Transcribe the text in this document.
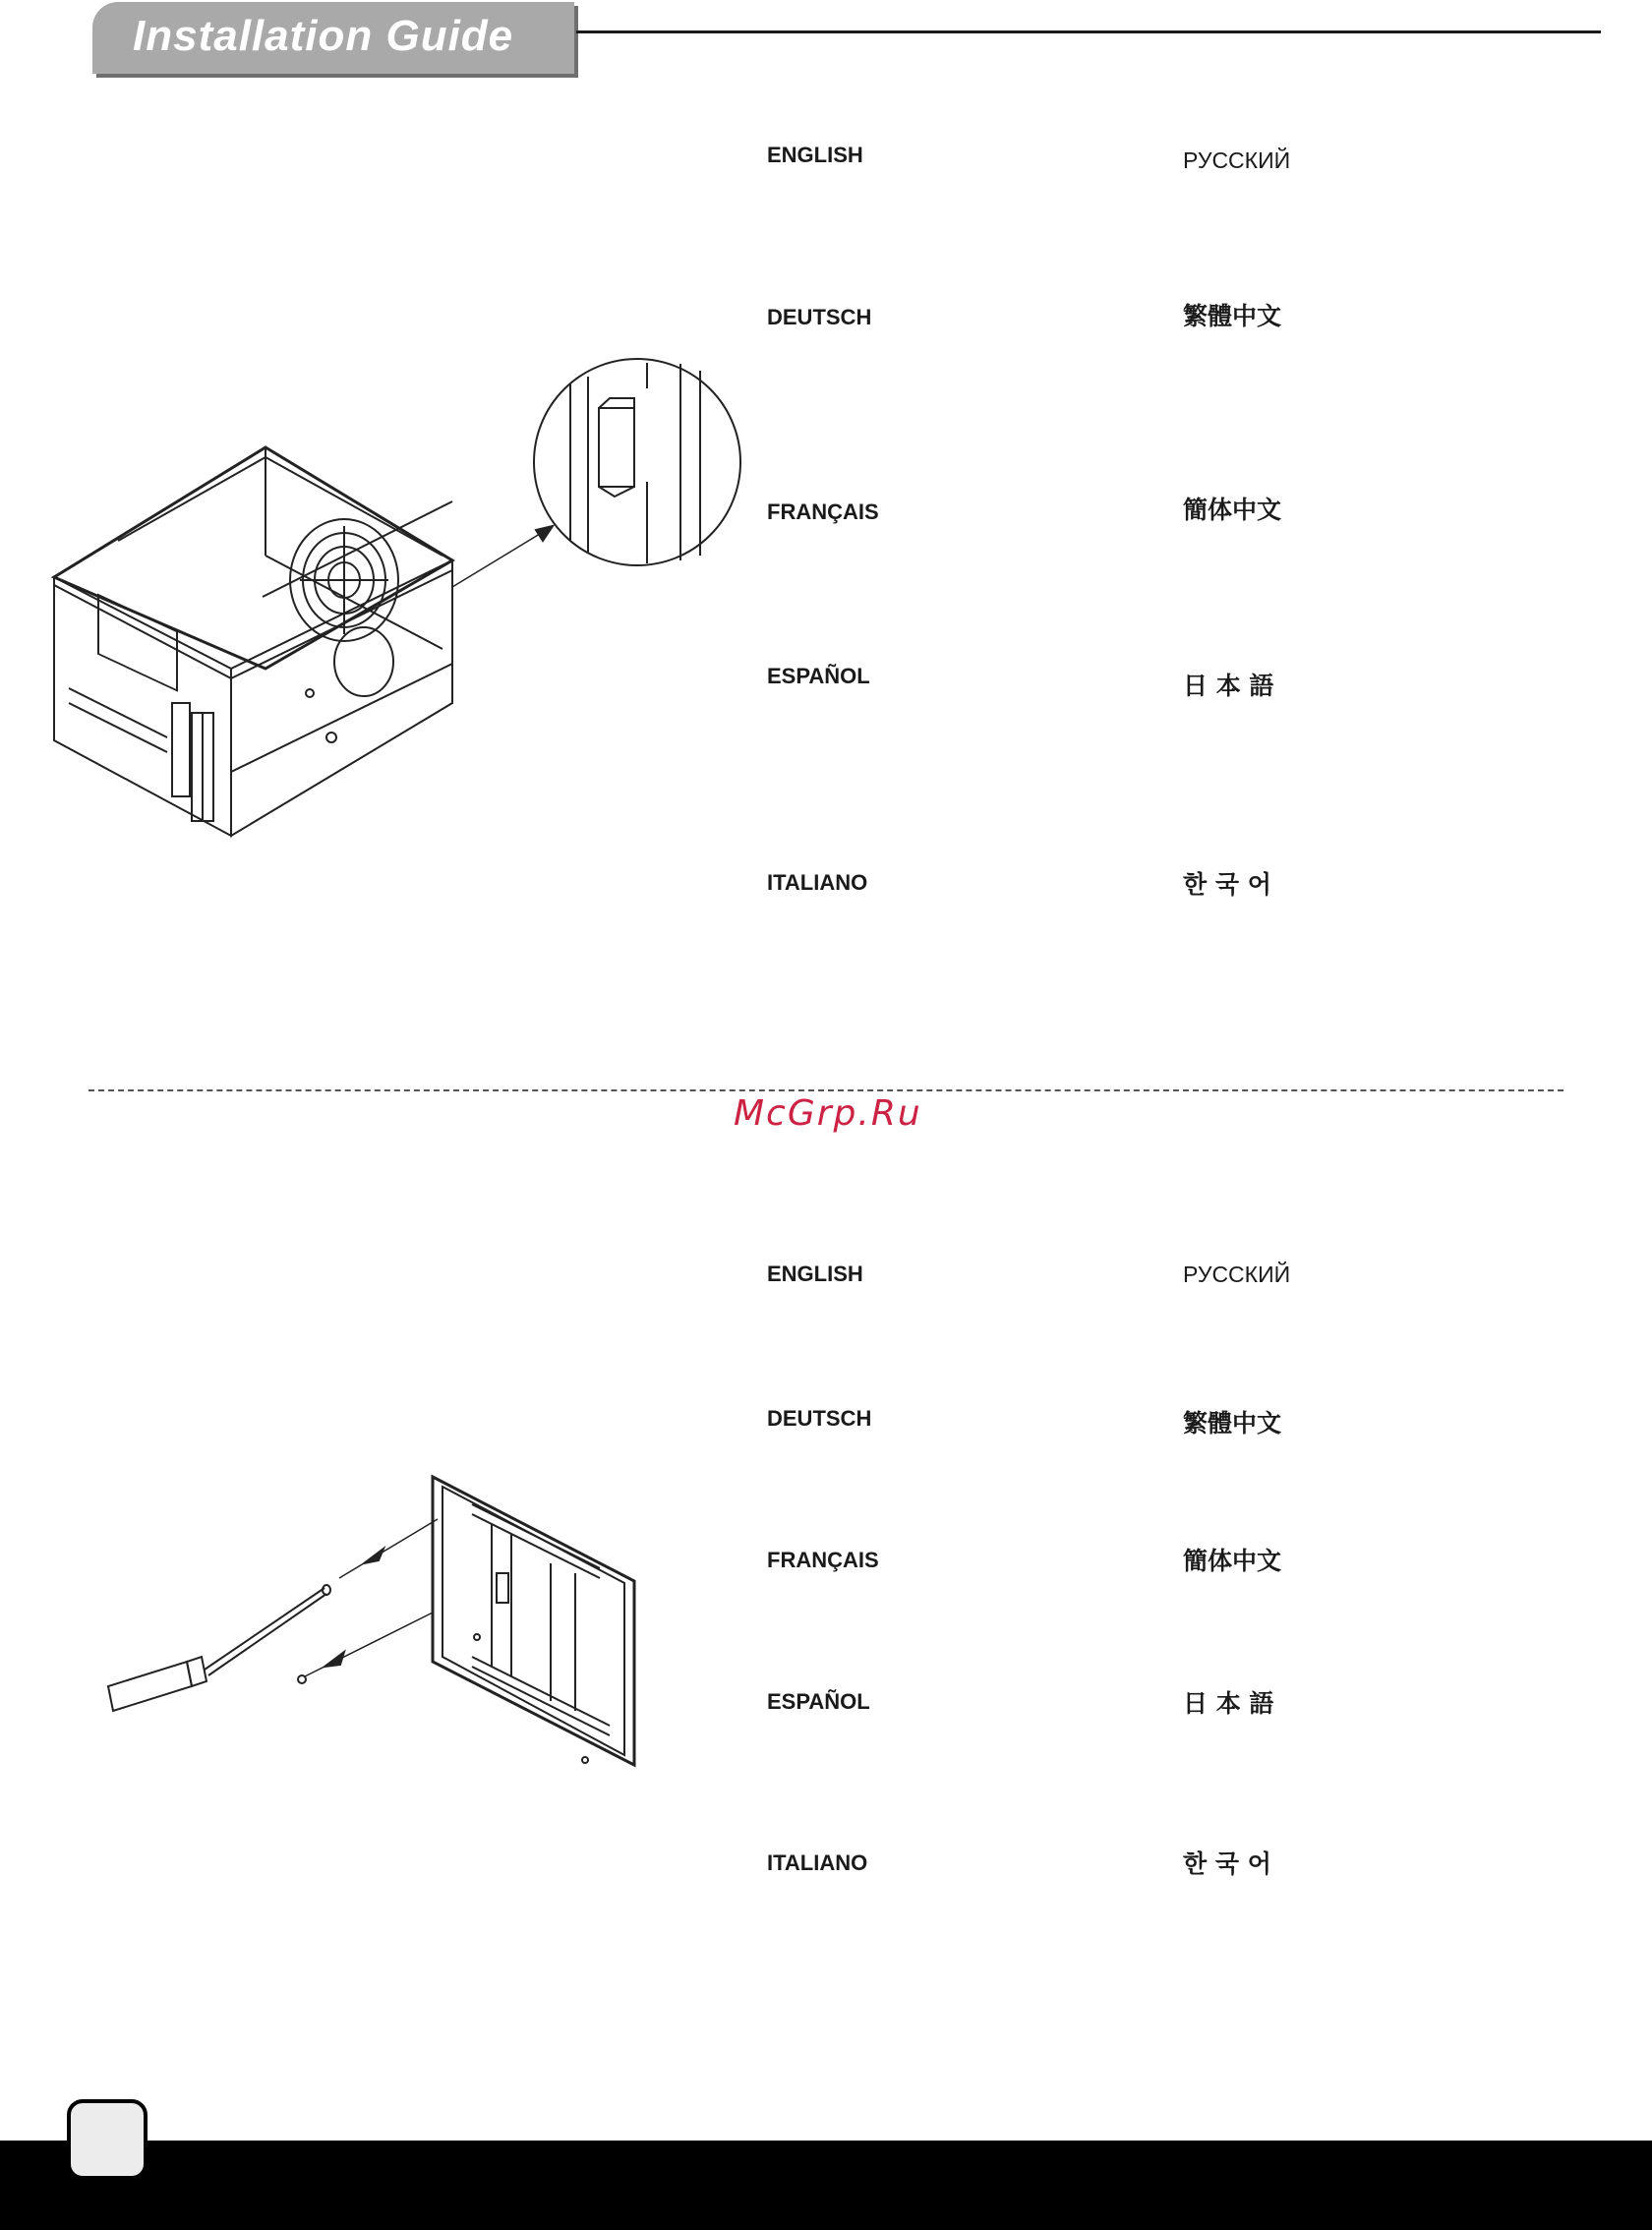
Installation Guide
ENGLISH
DEUTSCH
FRANÇAIS
ESPAÑOL
ITALIANO
РУССКИЙ
繁體中文
簡体中文
日 本 語
한 국 어
McGrp.Ru
ENGLISH
DEUTSCH
FRANÇAIS
ESPAÑOL
ITALIANO
РУССКИЙ
繁體中文
簡体中文
日 本 語
한 국 어
